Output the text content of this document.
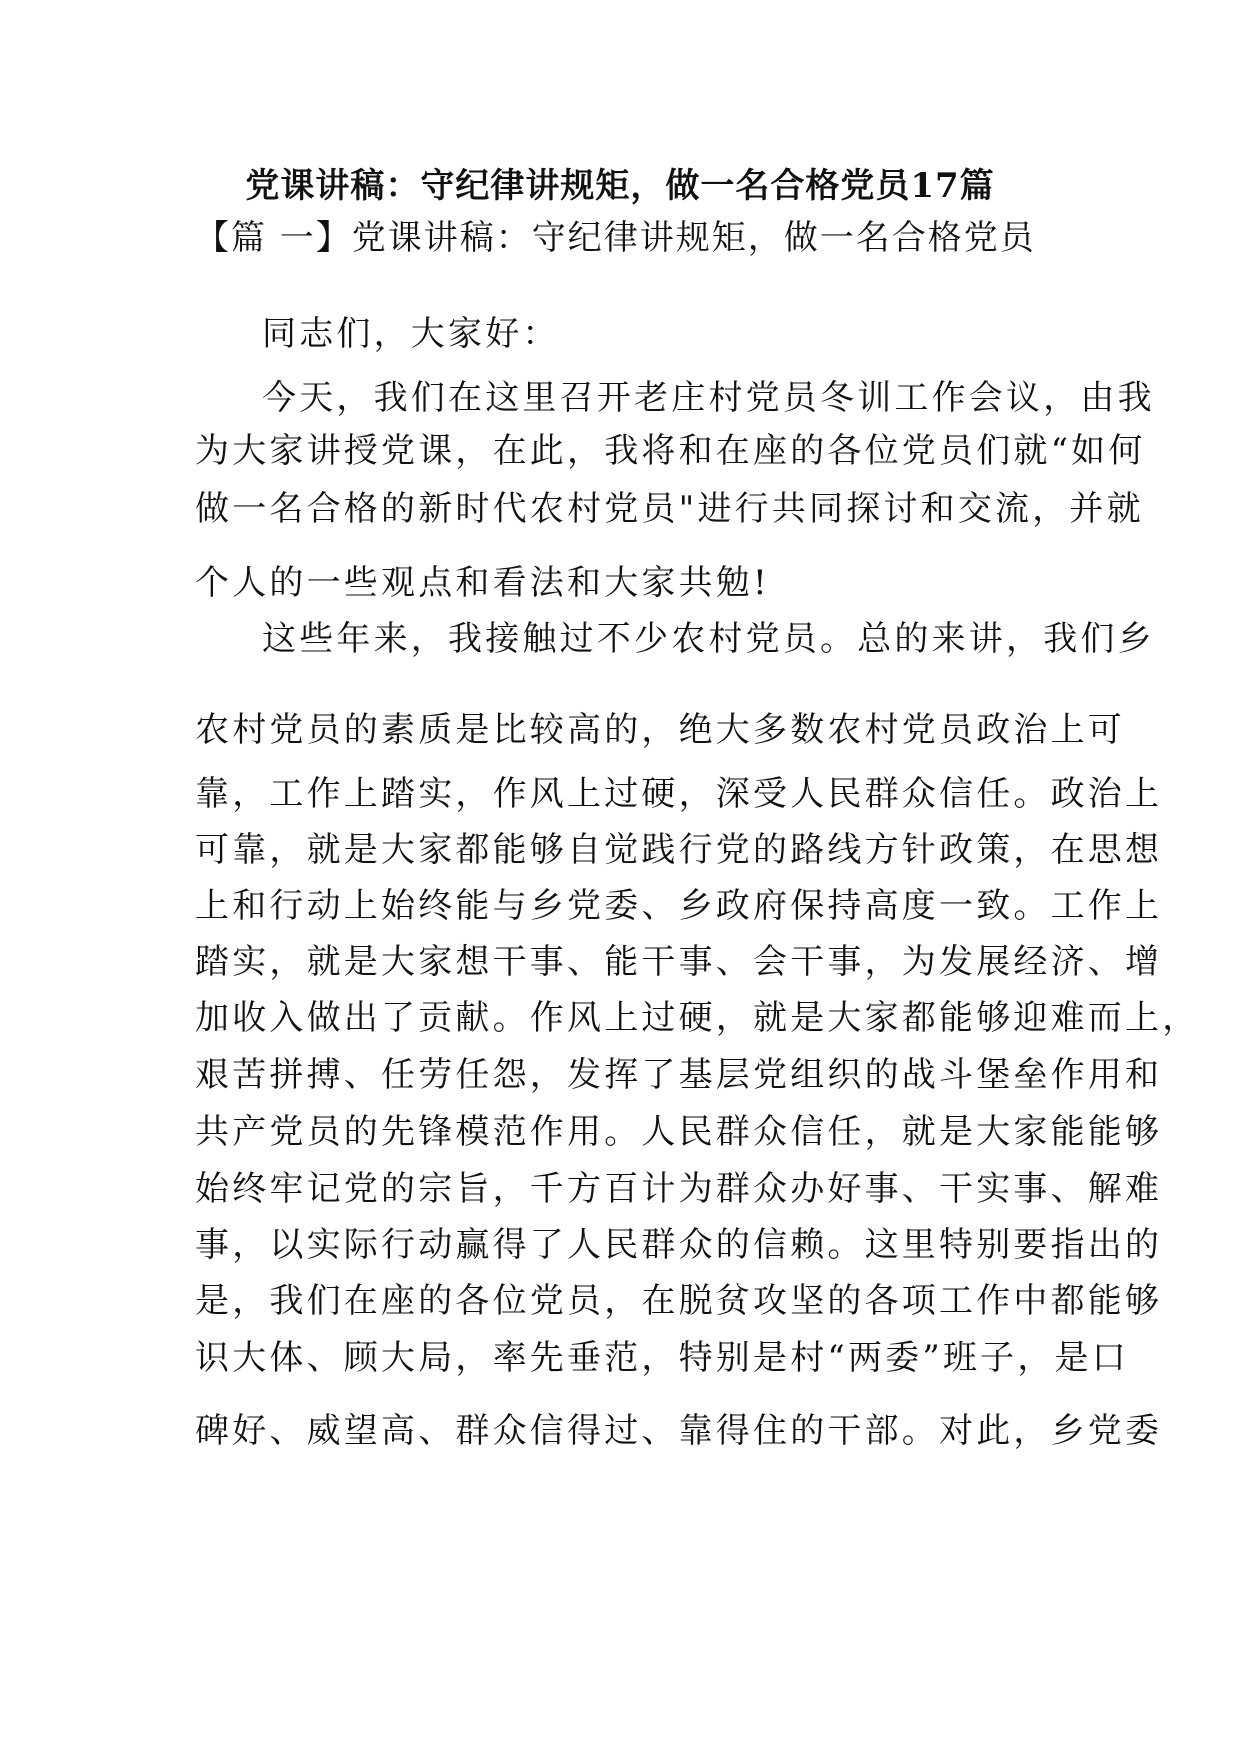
党课讲稿：守纪律讲规矩，做一名合格党员17篇
【篇 一】党课讲稿：守纪律讲规矩，做一名合格党员
同志们，大家好：
今天，我们在这里召开老庄村党员冬训工作会议，由我
为大家讲授党课，在此，我将和在座的各位党员们就“如何
做一名合格的新时代农村党员"进行共同探讨和交流，并就
个人的一些观点和看法和大家共勉!
这些年来，我接触过不少农村党员。总的来讲，我们乡
农村党员的素质是比较高的，绝大多数农村党员政治上可
靠，工作上踏实，作风上过硬，深受人民群众信任。政治上
可靠，就是大家都能够自觉践行党的路线方针政策，在思想
上和行动上始终能与乡党委、乡政府保持高度一致。工作上
踏实，就是大家想干事、能干事、会干事，为发展经济、增
加收入做出了贡献。作风上过硬，就是大家都能够迎难而上，
艰苦拼搏、任劳任怨，发挥了基层党组织的战斗堡垒作用和
共产党员的先锋模范作用。人民群众信任，就是大家能能够
始终牢记党的宗旨，千方百计为群众办好事、干实事、解难
事，以实际行动赢得了人民群众的信赖。这里特别要指出的
是，我们在座的各位党员，在脱贫攻坚的各项工作中都能够
识大体、顾大局，率先垂范，特别是村“两委”班子，是口
碑好、威望高、群众信得过、靠得住的干部。对此，乡党委
